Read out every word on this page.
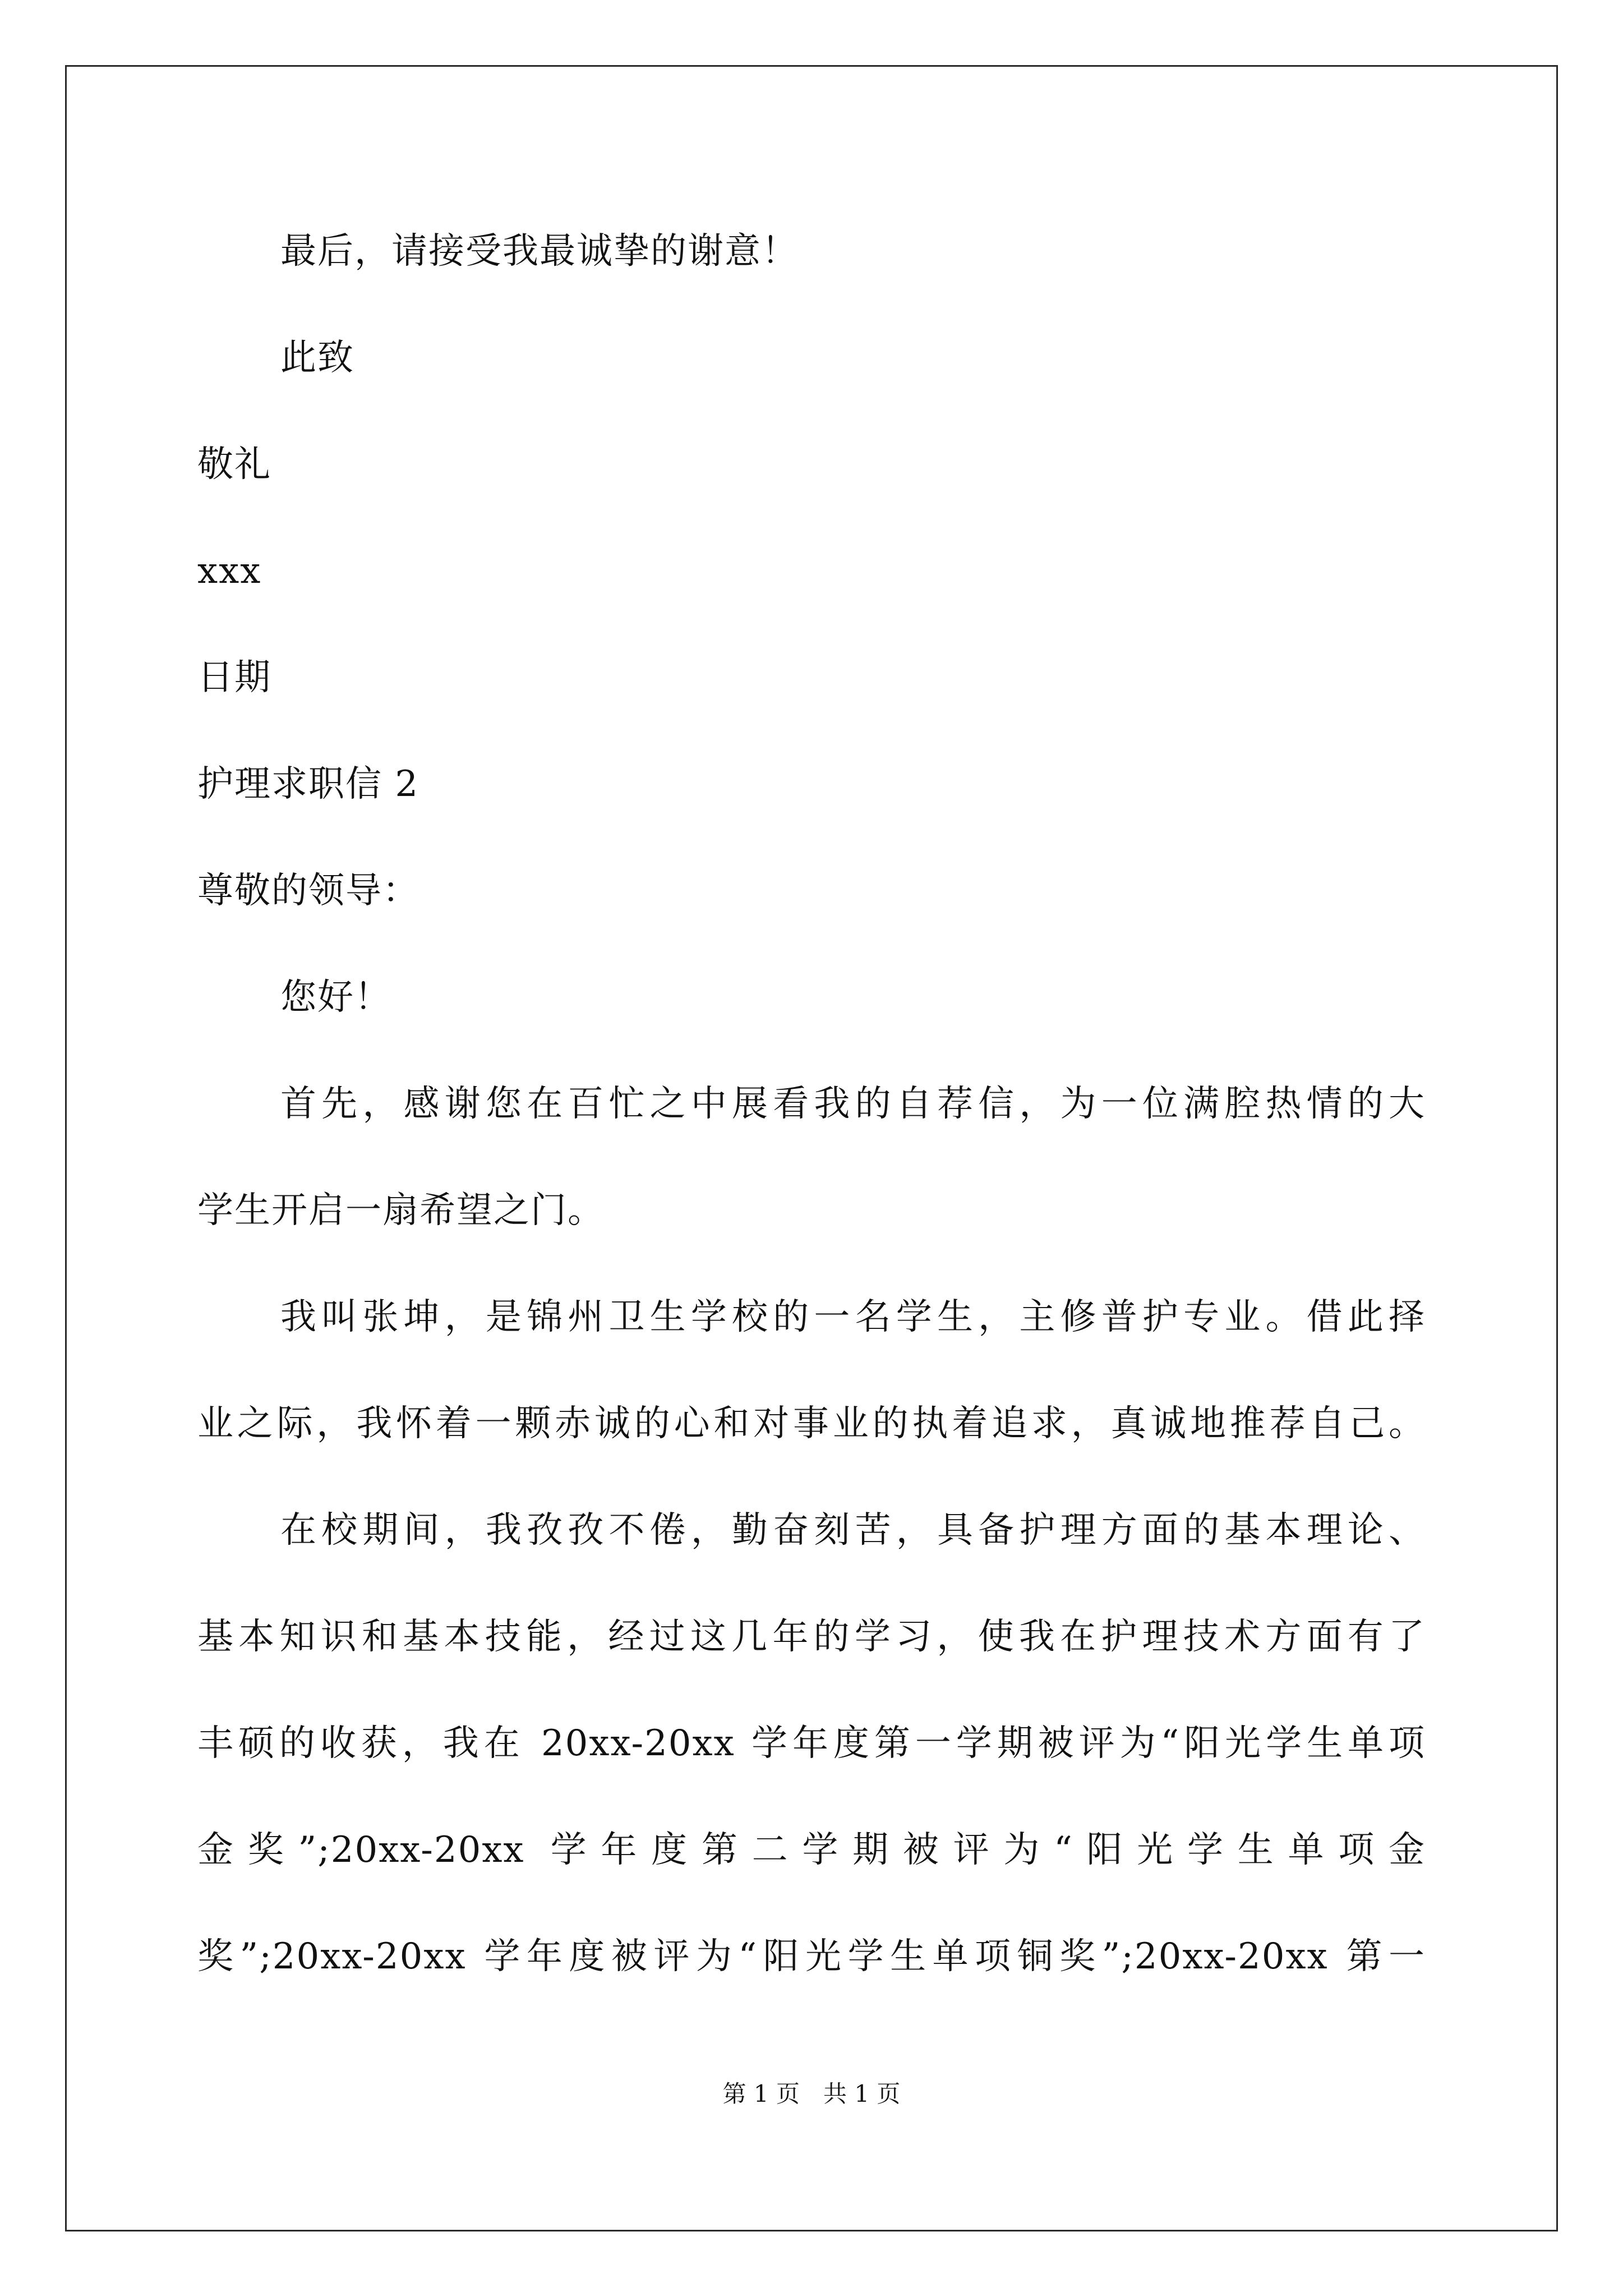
最后，请接受我最诚挚的谢意！
此致
敬礼
xxx
日期
护理求职信 2
尊敬的领导：
您好！
首先，感谢您在百忙之中展看我的自荐信，为一位满腔热情的大
学生开启一扇希望之门。
我叫张坤，是锦州卫生学校的一名学生，主修普护专业。借此择
业之际，我怀着一颗赤诚的心和对事业的执着追求，真诚地推荐自己。
在校期间，我孜孜不倦，勤奋刻苦，具备护理方面的基本理论、
基本知识和基本技能，经过这几年的学习，使我在护理技术方面有了
丰硕的收获，我在 20xx-20xx 学年度第一学期被评为“阳光学生单项
金奖”;20xx-20xx 学年度第二学期被评为“阳光学生单项金
奖”;20xx-20xx 学年度被评为“阳光学生单项铜奖”;20xx-20xx 第一
第 1 页　共 1 页
